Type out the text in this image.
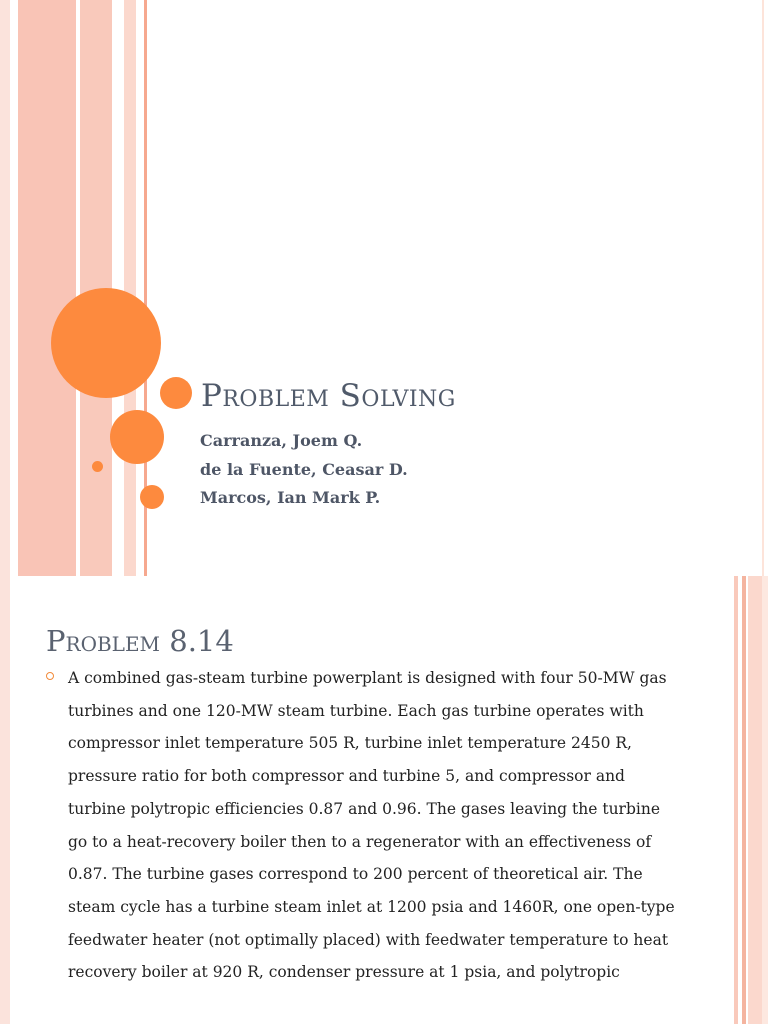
Problem Solving
Carranza, Joem Q.
de la Fuente, Ceasar D.
Marcos, Ian Mark P.
Problem 8.14

A combined gas-steam turbine powerplant is designed with four 50-MW gas turbines and one 120-MW steam turbine. Each gas turbine operates with compressor inlet temperature 505 R, turbine inlet temperature 2450 R, pressure ratio for both compressor and turbine 5, and compressor and turbine polytropic efficiencies 0.87 and 0.96. The gases leaving the turbine go to a heat-recovery boiler then to a regenerator with an effectiveness of 0.87. The turbine gases correspond to 200 percent of theoretical air. The steam cycle has a turbine steam inlet at 1200 psia and 1460R, one open-type feedwater heater (not optimally placed) with feedwater temperature to heat recovery boiler at 920 R, condenser pressure at 1 psia, and polytropic
